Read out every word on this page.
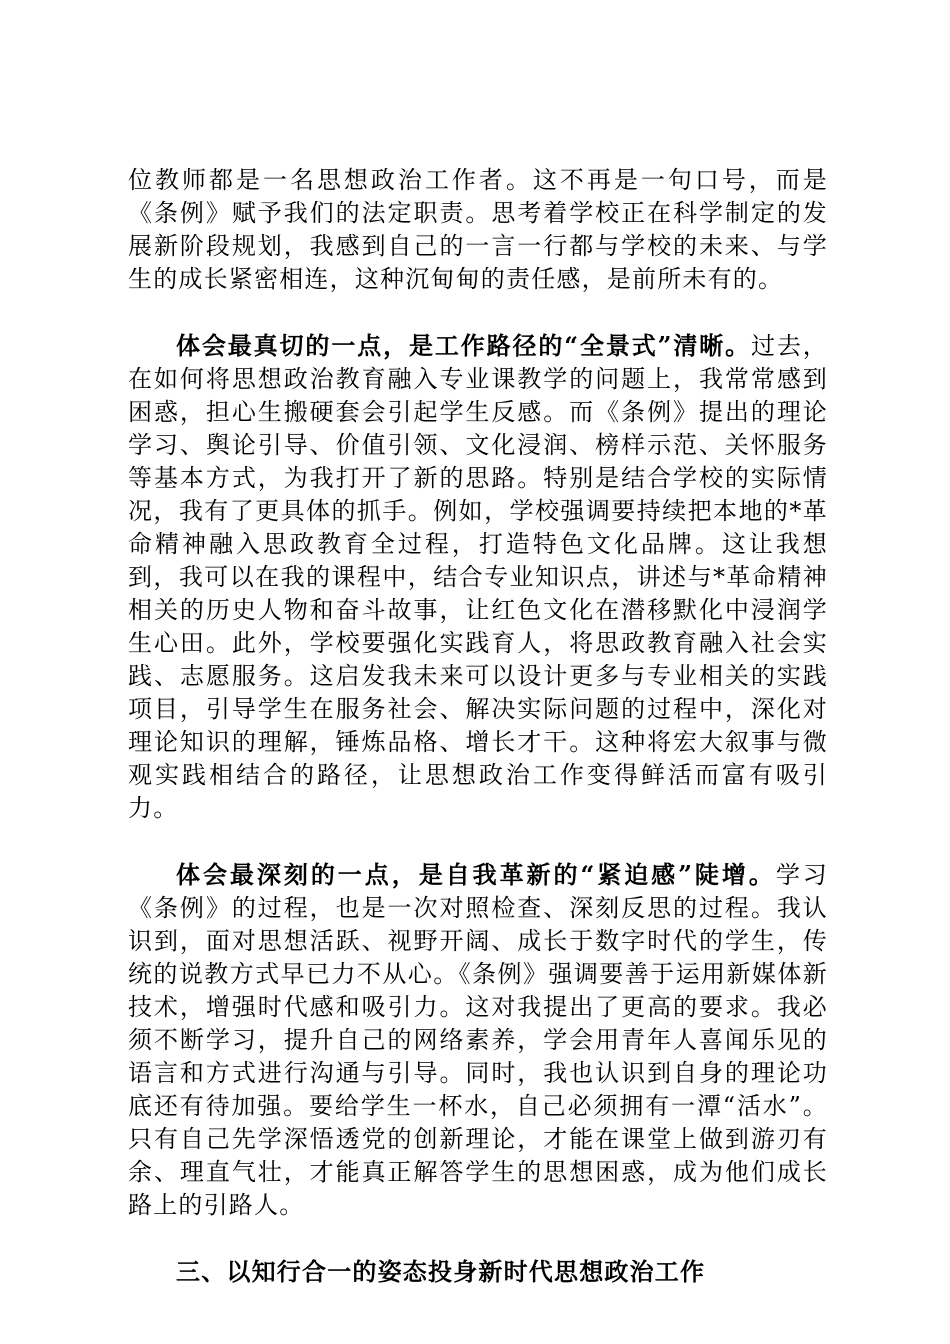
位教师都是一名思想政治工作者。这不再是一句口号，而是《条例》赋予我们的法定职责。思考着学校正在科学制定的发展新阶段规划，我感到自己的一言一行都与学校的未来、与学生的成长紧密相连，这种沉甸甸的责任感，是前所未有的。

体会最真切的一点，是工作路径的“全景式”清晰。过去，在如何将思想政治教育融入专业课教学的问题上，我常常感到困惑，担心生搬硬套会引起学生反感。而《条例》提出的理论学习、舆论引导、价值引领、文化浸润、榜样示范、关怀服务等基本方式，为我打开了新的思路。特别是结合学校的实际情况，我有了更具体的抓手。例如，学校强调要持续把本地的*革命精神融入思政教育全过程，打造特色文化品牌。这让我想到，我可以在我的课程中，结合专业知识点，讲述与*革命精神相关的历史人物和奋斗故事，让红色文化在潜移默化中浸润学生心田。此外，学校要强化实践育人，将思政教育融入社会实践、志愿服务。这启发我未来可以设计更多与专业相关的实践项目，引导学生在服务社会、解决实际问题的过程中，深化对理论知识的理解，锤炼品格、增长才干。这种将宏大叙事与微观实践相结合的路径，让思想政治工作变得鲜活而富有吸引力。

体会最深刻的一点，是自我革新的“紧迫感”陡增。学习《条例》的过程，也是一次对照检查、深刻反思的过程。我认识到，面对思想活跃、视野开阔、成长于数字时代的学生，传统的说教方式早已力不从心。《条例》强调要善于运用新媒体新技术，增强时代感和吸引力。这对我提出了更高的要求。我必须不断学习，提升自己的网络素养，学会用青年人喜闻乐见的语言和方式进行沟通与引导。同时，我也认识到自身的理论功底还有待加强。要给学生一杯水，自己必须拥有一潭“活水”。只有自己先学深悟透党的创新理论，才能在课堂上做到游刃有余、理直气壮，才能真正解答学生的思想困惑，成为他们成长路上的引路人。

三、以知行合一的姿态投身新时代思想政治工作
